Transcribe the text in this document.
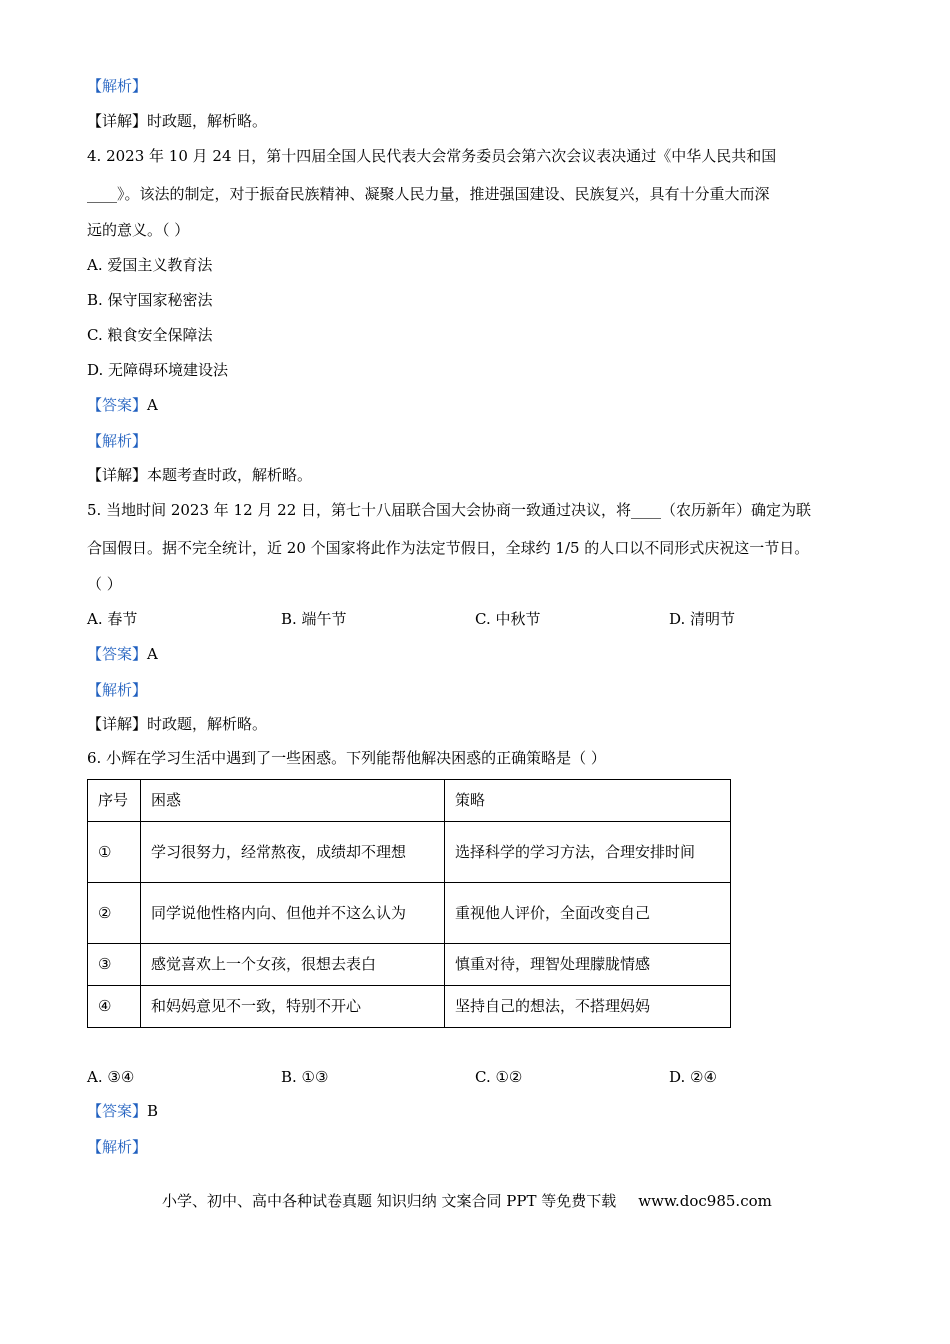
【解析】
【详解】时政题，解析略。
4. 2023 年 10 月 24 日，第十四届全国人民代表大会常务委员会第六次会议表决通过《中华人民共和国
____》。该法的制定，对于振奋民族精神、凝聚人民力量，推进强国建设、民族复兴，具有十分重大而深
远的意义。（ ）
A. 爱国主义教育法
B. 保守国家秘密法
C. 粮食安全保障法
D. 无障碍环境建设法
【答案】A
【解析】
【详解】本题考查时政，解析略。
5. 当地时间 2023 年 12 月 22 日，第七十八届联合国大会协商一致通过决议，将____（农历新年）确定为联
合国假日。据不完全统计，近 20 个国家将此作为法定节假日，全球约 1/5 的人口以不同形式庆祝这一节日。
（ ）
A. 春节	B. 端午节	C. 中秋节	D. 清明节
【答案】A
【解析】
【详解】时政题，解析略。
6. 小辉在学习生活中遇到了一些困惑。下列能帮他解决困惑的正确策略是（ ）
序号	困惑	策略
①	学习很努力，经常熬夜，成绩却不理想	选择科学的学习方法，合理安排时间
②	同学说他性格内向、但他并不这么认为	重视他人评价，全面改变自己
③	感觉喜欢上一个女孩，很想去表白	慎重对待，理智处理朦胧情感
④	和妈妈意见不一致，特别不开心	坚持自己的想法，不搭理妈妈
A. ③④	B. ①③	C. ①②	D. ②④
【答案】B
【解析】
小学、初中、高中各种试卷真题 知识归纳 文案合同 PPT 等免费下载 www.doc985.com
